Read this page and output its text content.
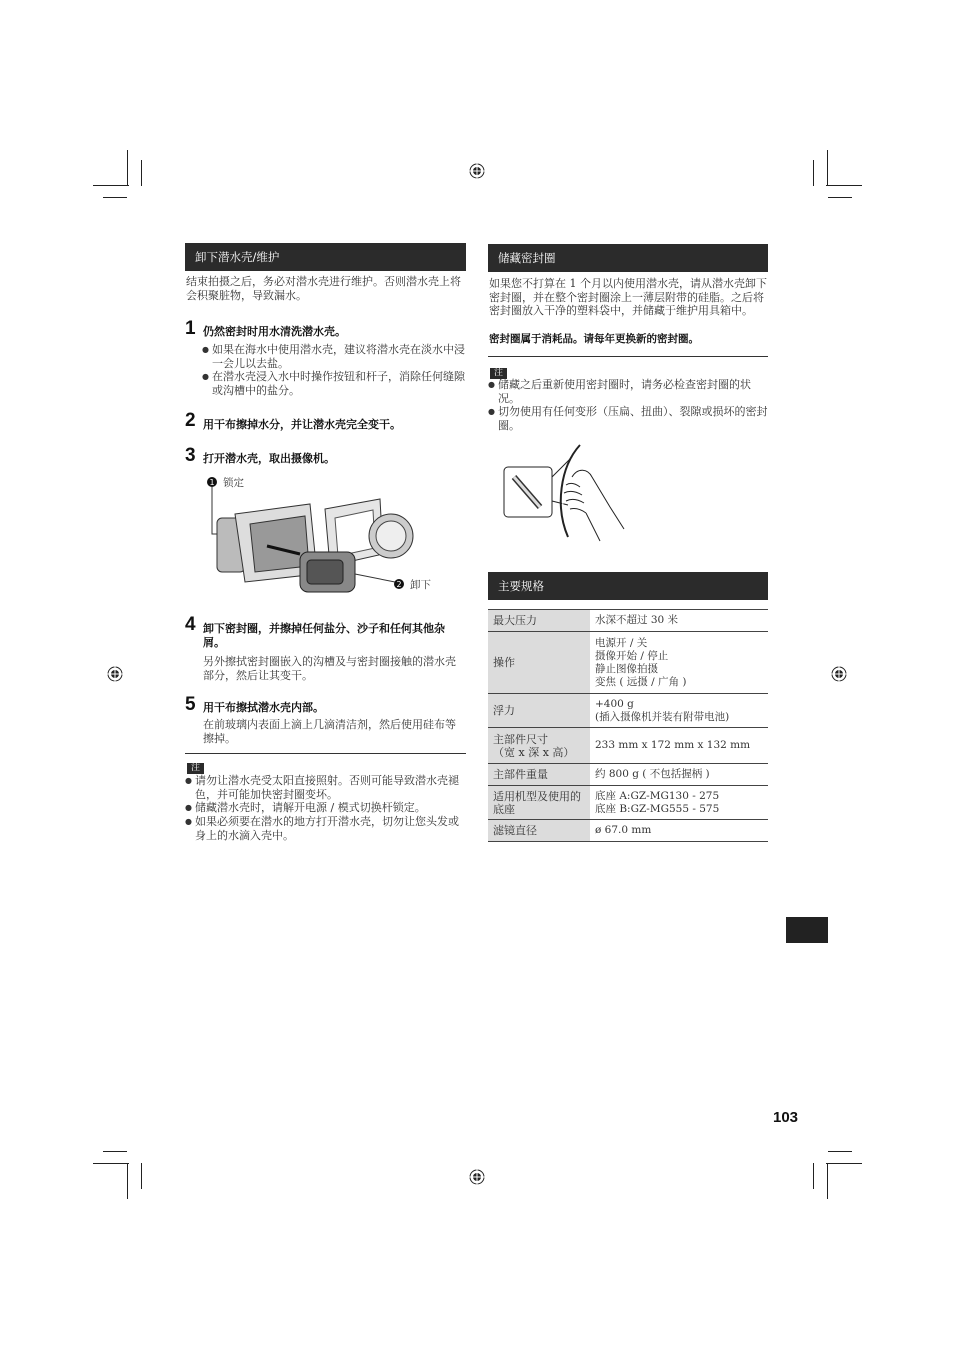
卸下潜水壳/维护
结束拍摄之后，务必对潜水壳进行维护。否则潜水壳上将会积聚脏物，导致漏水。
1 仍然密封时用水清洗潜水壳。
● 如果在海水中使用潜水壳，建议将潜水壳在淡水中浸一会儿以去盐。
● 在潜水壳浸入水中时操作按钮和杆子，消除任何缝隙或沟槽中的盐分。
2 用干布擦掉水分，并让潜水壳完全变干。
3 打开潜水壳，取出摄像机。
1
2
锁定
卸下
4 卸下密封圈，并擦掉任何盐分、沙子和任何其他杂屑。
另外擦拭密封圈嵌入的沟槽及与密封圈接触的潜水壳部分，然后让其变干。
5 用干布擦拭潜水壳内部。
在前玻璃内表面上滴上几滴清洁剂，然后使用硅布等擦掉。
注
● 请勿让潜水壳受太阳直接照射。否则可能导致潜水壳褪色，并可能加快密封圈变坏。
● 储藏潜水壳时，请解开电源 / 模式切换杆锁定。
● 如果必须要在潜水的地方打开潜水壳，切勿让您头发或身上的水滴入壳中。
储藏密封圈
如果您不打算在 1 个月以内使用潜水壳，请从潜水壳卸下密封圈，并在整个密封圈涂上一薄层附带的硅脂。之后将密封圈放入干净的塑料袋中，并储藏于维护用具箱中。
密封圈属于消耗品。请每年更换新的密封圈。
注
● 储藏之后重新使用密封圈时，请务必检查密封圈的状况。
● 切勿使用有任何变形（压扁、扭曲）、裂隙或损坏的密封圈。
主要规格
最大压力	水深不超过 30 米
操作	电源开 / 关
摄像开始 / 停止
静止图像拍摄
变焦 ( 远摄 / 广角 )
浮力	+400 g
(插入摄像机并装有附带电池)
主部件尺寸
（宽 x 深 x 高）	233 mm x 172 mm x 132 mm
主部件重量	约 800 g ( 不包括握柄 )
适用机型及使用的底座	底座 A:GZ-MG130 - 275
底座 B:GZ-MG555 - 575
滤镜直径	ø 67.0 mm
103
